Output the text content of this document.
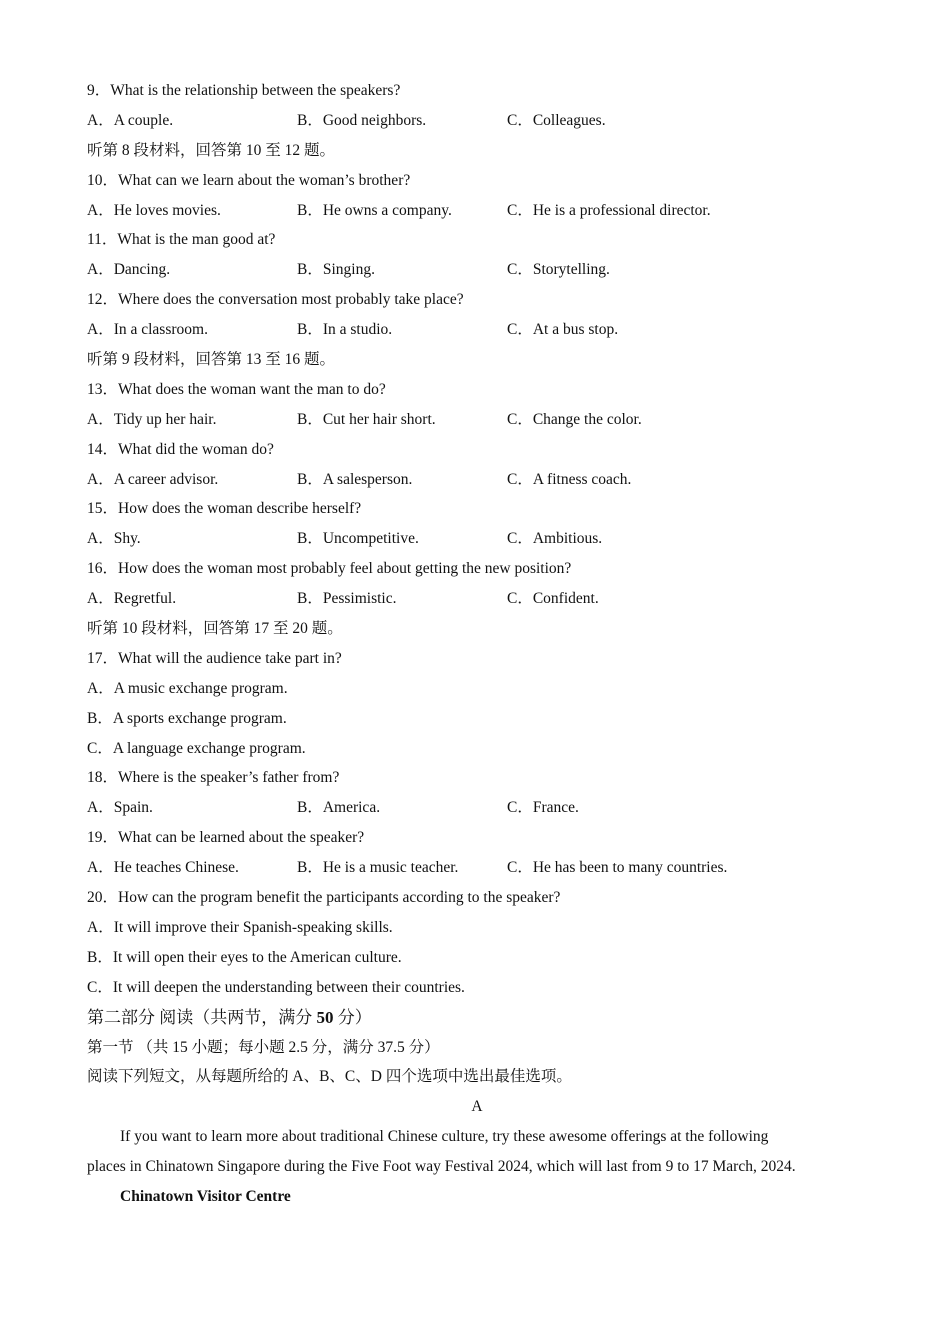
9．What is the relationship between the speakers?
A．A couple.	B．Good neighbors.	C．Colleagues.
听第 8 段材料，回答第 10 至 12 题。
10．What can we learn about the woman’s brother?
A．He loves movies.	B．He owns a company.	C．He is a professional director.
11．What is the man good at?
A．Dancing.	B．Singing.	C．Storytelling.
12．Where does the conversation most probably take place?
A．In a classroom.	B．In a studio.	C．At a bus stop.
听第 9 段材料，回答第 13 至 16 题。
13．What does the woman want the man to do?
A．Tidy up her hair.	B．Cut her hair short.	C．Change the color.
14．What did the woman do?
A．A career advisor.	B．A salesperson.	C．A fitness coach.
15．How does the woman describe herself?
A．Shy.	B．Uncompetitive.	C．Ambitious.
16．How does the woman most probably feel about getting the new position?
A．Regretful.	B．Pessimistic.	C．Confident.
听第 10 段材料，回答第 17 至 20 题。
17．What will the audience take part in?
A．A music exchange program.
B．A sports exchange program.
C．A language exchange program.
18．Where is the speaker’s father from?
A．Spain.	B．America.	C．France.
19．What can be learned about the speaker?
A．He teaches Chinese.	B．He is a music teacher.	C．He has been to many countries.
20．How can the program benefit the participants according to the speaker?
A．It will improve their Spanish-speaking skills.
B．It will open their eyes to the American culture.
C．It will deepen the understanding between their countries.
第二部分 阅读（共两节，满分 50 分）
第一节 （共 15 小题；每小题 2.5 分，满分 37.5 分）
阅读下列短文，从每题所给的 A、B、C、D 四个选项中选出最佳选项。
A
If you want to learn more about traditional Chinese culture, try these awesome offerings at the following
places in Chinatown Singapore during the Five Foot way Festival 2024, which will last from 9 to 17 March, 2024.
Chinatown Visitor Centre
